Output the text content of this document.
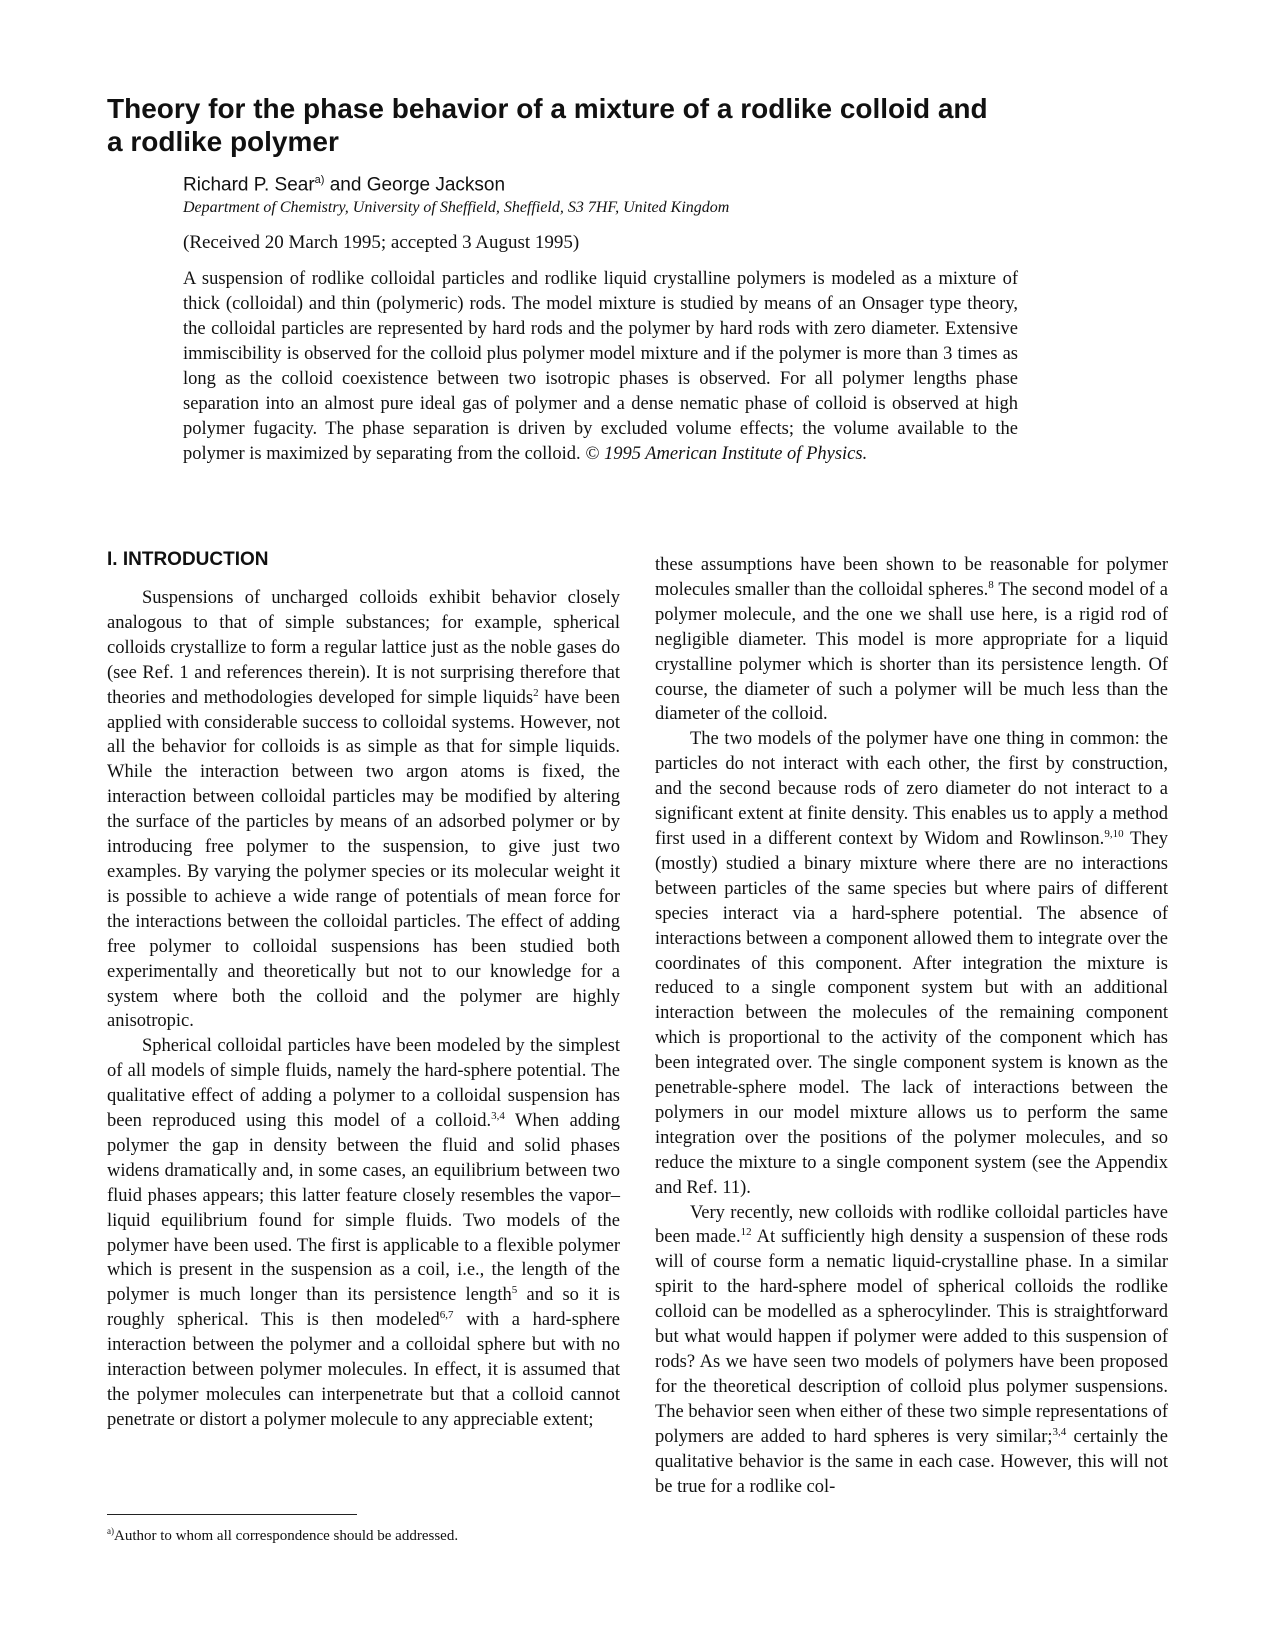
Theory for the phase behavior of a mixture of a rodlike colloid and a rodlike polymer
Richard P. Sear$^{a)}$ and George Jackson
Department of Chemistry, University of Sheffield, Sheffield, S3 7HF, United Kingdom
(Received 20 March 1995; accepted 3 August 1995)

A suspension of rodlike colloidal particles and rodlike liquid crystalline polymers is modeled as a mixture of thick (colloidal) and thin (polymeric) rods. The model mixture is studied by means of an Onsager type theory, the colloidal particles are represented by hard rods and the polymer by hard rods with zero diameter. Extensive immiscibility is observed for the colloid plus polymer model mixture and if the polymer is more than 3 times as long as the colloid coexistence between two isotropic phases is observed. For all polymer lengths phase separation into an almost pure ideal gas of polymer and a dense nematic phase of colloid is observed at high polymer fugacity. The phase separation is driven by excluded volume effects; the volume available to the polymer is maximized by separating from the colloid. © 1995 American Institute of Physics.

I. INTRODUCTION

Suspensions of uncharged colloids exhibit behavior closely analogous to that of simple substances; for example, spherical colloids crystallize to form a regular lattice just as the noble gases do (see Ref. 1 and references therein). It is not surprising therefore that theories and methodologies developed for simple liquids$^2$ have been applied with considerable success to colloidal systems. However, not all the behavior for colloids is as simple as that for simple liquids. While the interaction between two argon atoms is fixed, the interaction between colloidal particles may be modified by altering the surface of the particles by means of an adsorbed polymer or by introducing free polymer to the suspension, to give just two examples. By varying the polymer species or its molecular weight it is possible to achieve a wide range of potentials of mean force for the interactions between the colloidal particles. The effect of adding free polymer to colloidal suspensions has been studied both experimentally and theoretically but not to our knowledge for a system where both the colloid and the polymer are highly anisotropic.

Spherical colloidal particles have been modeled by the simplest of all models of simple fluids, namely the hard-sphere potential. The qualitative effect of adding a polymer to a colloidal suspension has been reproduced using this model of a colloid.$^{3,4}$ When adding polymer the gap in density between the fluid and solid phases widens dramatically and, in some cases, an equilibrium between two fluid phases appears; this latter feature closely resembles the vapor–liquid equilibrium found for simple fluids. Two models of the polymer have been used. The first is applicable to a flexible polymer which is present in the suspension as a coil, i.e., the length of the polymer is much longer than its persistence length$^5$ and so it is roughly spherical. This is then modeled$^{6,7}$ with a hard-sphere interaction between the polymer and a colloidal sphere but with no interaction between polymer molecules. In effect, it is assumed that the polymer molecules can interpenetrate but that a colloid cannot penetrate or distort a polymer molecule to any appreciable extent;

these assumptions have been shown to be reasonable for polymer molecules smaller than the colloidal spheres.$^8$ The second model of a polymer molecule, and the one we shall use here, is a rigid rod of negligible diameter. This model is more appropriate for a liquid crystalline polymer which is shorter than its persistence length. Of course, the diameter of such a polymer will be much less than the diameter of the colloid.

The two models of the polymer have one thing in common: the particles do not interact with each other, the first by construction, and the second because rods of zero diameter do not interact to a significant extent at finite density. This enables us to apply a method first used in a different context by Widom and Rowlinson.$^{9,10}$ They (mostly) studied a binary mixture where there are no interactions between particles of the same species but where pairs of different species interact via a hard-sphere potential. The absence of interactions between a component allowed them to integrate over the coordinates of this component. After integration the mixture is reduced to a single component system but with an additional interaction between the molecules of the remaining component which is proportional to the activity of the component which has been integrated over. The single component system is known as the penetrable-sphere model. The lack of interactions between the polymers in our model mixture allows us to perform the same integration over the positions of the polymer molecules, and so reduce the mixture to a single component system (see the Appendix and Ref. 11).

Very recently, new colloids with rodlike colloidal particles have been made.$^{12}$ At sufficiently high density a suspension of these rods will of course form a nematic liquid-crystalline phase. In a similar spirit to the hard-sphere model of spherical colloids the rodlike colloid can be modelled as a spherocylinder. This is straightforward but what would happen if polymer were added to this suspension of rods? As we have seen two models of polymers have been proposed for the theoretical description of colloid plus polymer suspensions. The behavior seen when either of these two simple representations of polymers are added to hard spheres is very similar;$^{3,4}$ certainly the qualitative behavior is the same in each case. However, this will not be true for a rodlike col-

$^{a)}$Author to whom all correspondence should be addressed.
